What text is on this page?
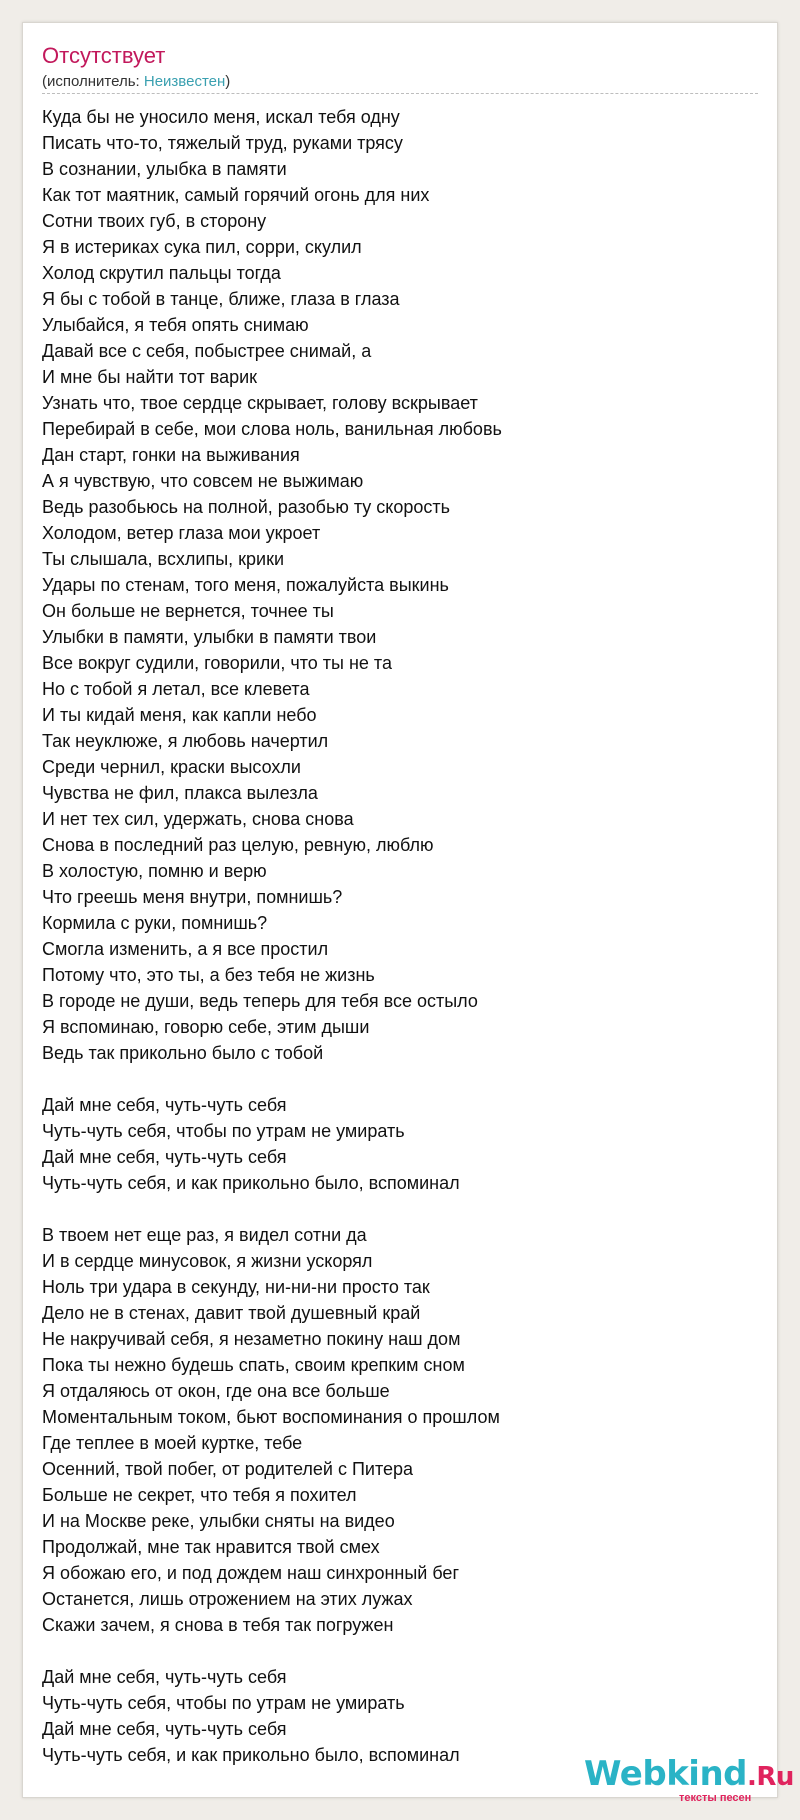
Отсутствует
(исполнитель: Неизвестен)
Куда бы не уносило меня, искал тебя одну
Писать что-то, тяжелый труд, руками трясу
В сознании, улыбка в памяти
Как тот маятник, самый горячий огонь для них
Сотни твоих губ, в сторону
Я в истериках сука пил, сорри, скулил
Холод скрутил пальцы тогда
Я бы с тобой в танце, ближе, глаза в глаза
Улыбайся, я тебя опять снимаю
Давай все с себя, побыстрее снимай, а
И мне бы найти тот варик
Узнать что, твое сердце скрывает, голову вскрывает
Перебирай в себе, мои слова ноль, ванильная любовь
Дан старт, гонки на выживания
А я чувствую, что совсем не выжимаю
Ведь разобьюсь на полной, разобью ту скорость
Холодом, ветер глаза мои укроет
Ты слышала, всхлипы, крики
Удары по стенам, того меня, пожалуйста выкинь
Он больше не вернется, точнее ты
Улыбки в памяти, улыбки в памяти твои
Все вокруг судили, говорили, что ты не та
Но с тобой я летал, все клевета
И ты кидай меня, как капли небо
Так неуклюже, я любовь начертил
Среди чернил, краски высохли
Чувства не фил, плакса вылезла
И нет тех сил, удержать, снова снова
Снова в последний раз целую, ревную, люблю
В холостую, помню и верю
Что греешь меня внутри, помнишь?
Кормила с руки, помнишь?
Смогла изменить, а я все простил
Потому что, это ты, а без тебя не жизнь
В городе не души, ведь теперь для тебя все остыло
Я вспоминаю, говорю себе, этим дыши
Ведь так прикольно было с тобой
Дай мне себя, чуть-чуть себя
Чуть-чуть себя, чтобы по утрам не умирать
Дай мне себя, чуть-чуть себя
Чуть-чуть себя, и как прикольно было, вспоминал
В твоем нет еще раз, я видел сотни да
И в сердце минусовок, я жизни ускорял
Ноль три удара в секунду, ни-ни-ни просто так
Дело не в стенах, давит твой душевный край
Не накручивай себя, я незаметно покину наш дом
Пока ты нежно будешь спать, своим крепким сном
Я отдаляюсь от окон, где она все больше
Моментальным током, бьют воспоминания о прошлом
Где теплее в моей куртке, тебе
Осенний, твой побег, от родителей с Питера
Больше не секрет, что тебя я похител
И на Москве реке, улыбки сняты на видео
Продолжай, мне так нравится твой смех
Я обожаю его, и под дождем наш синхронный бег
Останется, лишь отрожением на этих лужах
Скажи зачем, я снова в тебя так погружен
Дай мне себя, чуть-чуть себя
Чуть-чуть себя, чтобы по утрам не умирать
Дай мне себя, чуть-чуть себя
Чуть-чуть себя, и как прикольно было, вспоминал	Webkind.Ru
тексты песен
